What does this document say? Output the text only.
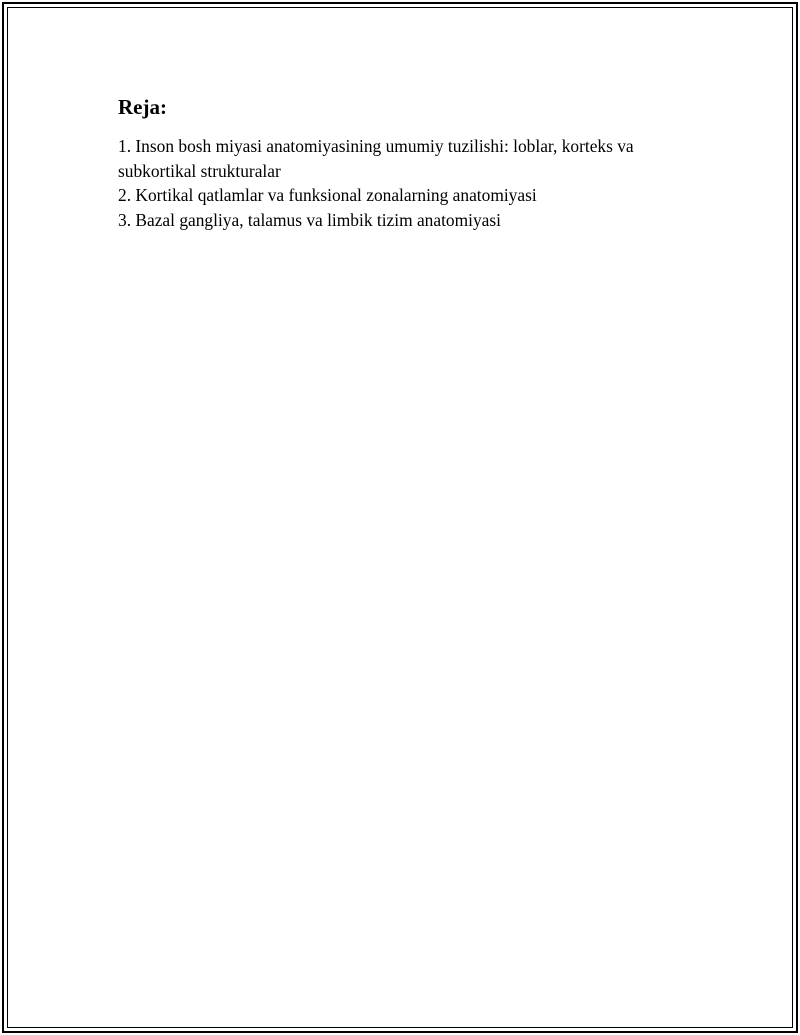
Reja:

1. Inson bosh miyasi anatomiyasining umumiy tuzilishi: loblar, korteks va subkortikal strukturalar

2. Kortikal qatlamlar va funksional zonalarning anatomiyasi

3. Bazal gangliya, talamus va limbik tizim anatomiyasi
